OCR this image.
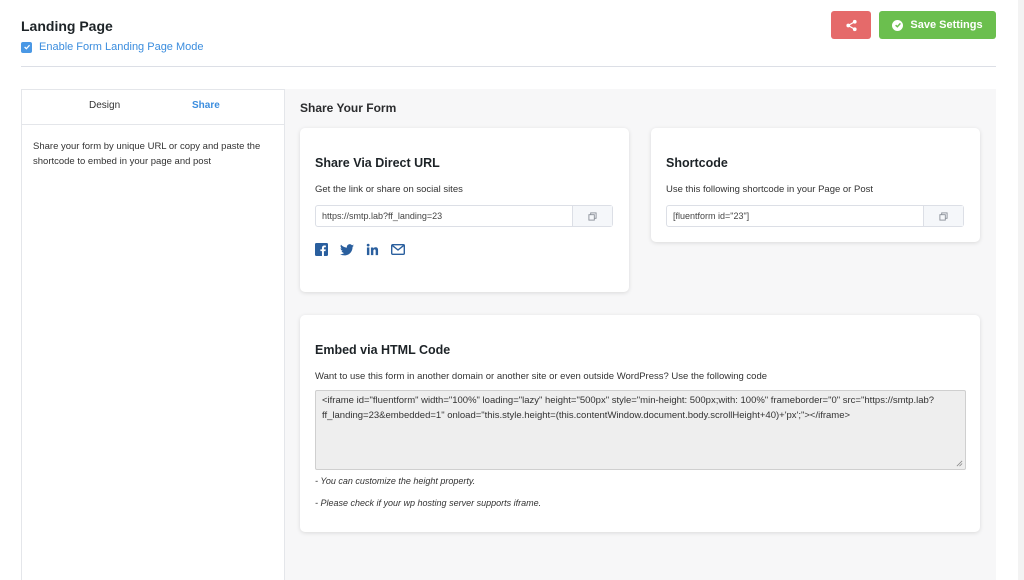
Landing Page
Enable Form Landing Page Mode
Save Settings
Design	Share
Share your form by unique URL or copy and paste the shortcode to embed in your page and post
Share Your Form
Share Via Direct URL

Get the link or share on social sites

https://smtp.lab?ff_landing=23
Shortcode

Use this following shortcode in your Page or Post

[fluentform id="23"]
Embed via HTML Code

Want to use this form in another domain or another site or even outside WordPress? Use the following code

<iframe id="fluentform" width="100%" loading="lazy" height="500px" style="min-height: 500px;with: 100%" frameborder="0" src="https://smtp.lab?ff_landing=23&embedded=1" onload="this.style.height=(this.contentWindow.document.body.scrollHeight+40)+'px';"></iframe>

- You can customize the height property.

- Please check if your wp hosting server supports iframe.
